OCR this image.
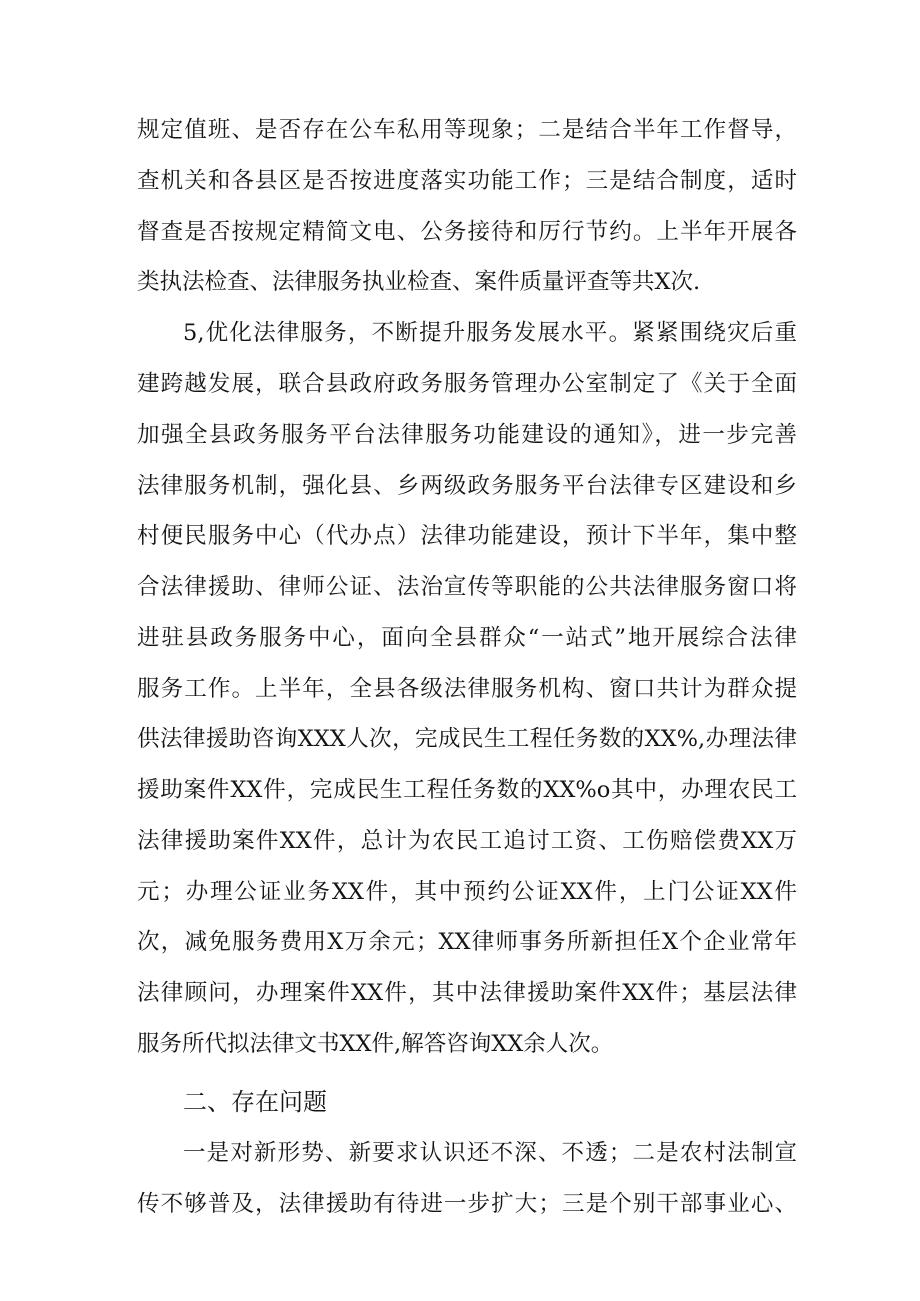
规定值班、是否存在公车私用等现象；二是结合半年工作督导，
查机关和各县区是否按进度落实功能工作；三是结合制度，适时
督查是否按规定精简文电、公务接待和厉行节约。上半年开展各
类执法检查、法律服务执业检查、案件质量评查等共X次.
5,优化法律服务，不断提升服务发展水平。紧紧围绕灾后重
建跨越发展，联合县政府政务服务管理办公室制定了《关于全面
加强全县政务服务平台法律服务功能建设的通知》，进一步完善
法律服务机制，强化县、乡两级政务服务平台法律专区建设和乡
村便民服务中心（代办点）法律功能建设，预计下半年，集中整
合法律援助、律师公证、法治宣传等职能的公共法律服务窗口将
进驻县政务服务中心，面向全县群众“一站式”地开展综合法律
服务工作。上半年，全县各级法律服务机构、窗口共计为群众提
供法律援助咨询XXX人次，完成民生工程任务数的XX%,办理法律
援助案件XX件，完成民生工程任务数的XX%o其中，办理农民工
法律援助案件XX件，总计为农民工追讨工资、工伤赔偿费XX万
元；办理公证业务XX件，其中预约公证XX件，上门公证XX件
次，减免服务费用X万余元；XX律师事务所新担任X个企业常年
法律顾问，办理案件XX件，其中法律援助案件XX件；基层法律
服务所代拟法律文书XX件,解答咨询XX余人次。
二、存在问题
一是对新形势、新要求认识还不深、不透；二是农村法制宣
传不够普及，法律援助有待进一步扩大；三是个别干部事业心、
